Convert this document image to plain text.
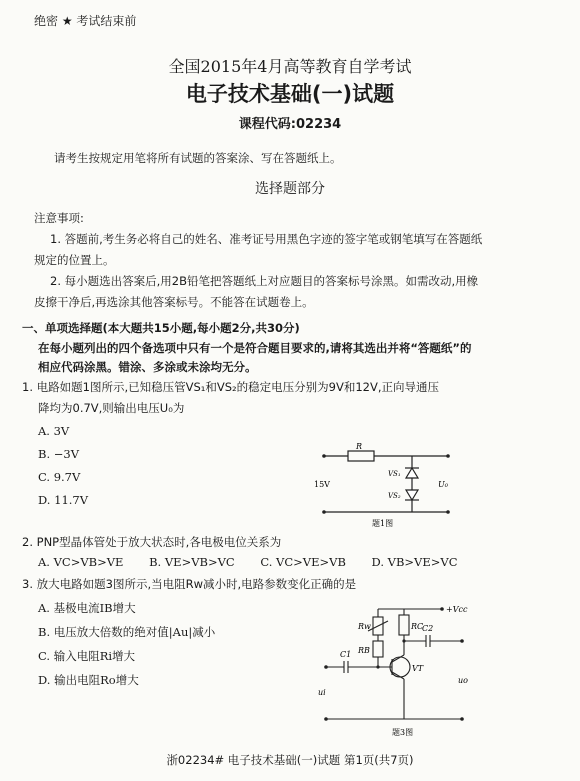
绝密 ★ 考试结束前
全国2015年4月高等教育自学考试
电子技术基础(一)试题
课程代码:02234
请考生按规定用笔将所有试题的答案涂、写在答题纸上。
选择题部分
注意事项:
1. 答题前,考生务必将自己的姓名、准考证号用黑色字迹的签字笔或钢笔填写在答题纸
规定的位置上。
2. 每小题选出答案后,用2B铅笔把答题纸上对应题目的答案标号涂黑。如需改动,用橡
皮擦干净后,再选涂其他答案标号。不能答在试题卷上。
一、单项选择题(本大题共15小题,每小题2分,共30分)
在每小题列出的四个备选项中只有一个是符合题目要求的,请将其选出并将“答题纸”的
相应代码涂黑。错涂、多涂或未涂均无分。
1. 电路如题1图所示,已知稳压管VS₁和VS₂的稳定电压分别为9V和12V,正向导通压
降均为0.7V,则输出电压U₀为
A. 3V
B. −3V
C. 9.7V
D. 11.7V
R
15V
VS₁
VS₂
U₀
题1图
2. PNP型晶体管处于放大状态时,各电极电位关系为
A. VC>VB>VE B. VE>VB>VC C. VC>VE>VB D. VB>VE>VC
3. 放大电路如题3图所示,当电阻Rw减小时,电路参数变化正确的是
A. 基极电流IB增大
B. 电压放大倍数的绝对值|Au|减小
C. 输入电阻Ri增大
D. 输出电阻Ro增大
+Vcc
Rw
RB
RC
C1
C2
VT
ui
uo
题3图
浙02234# 电子技术基础(一)试题 第1页(共7页)
